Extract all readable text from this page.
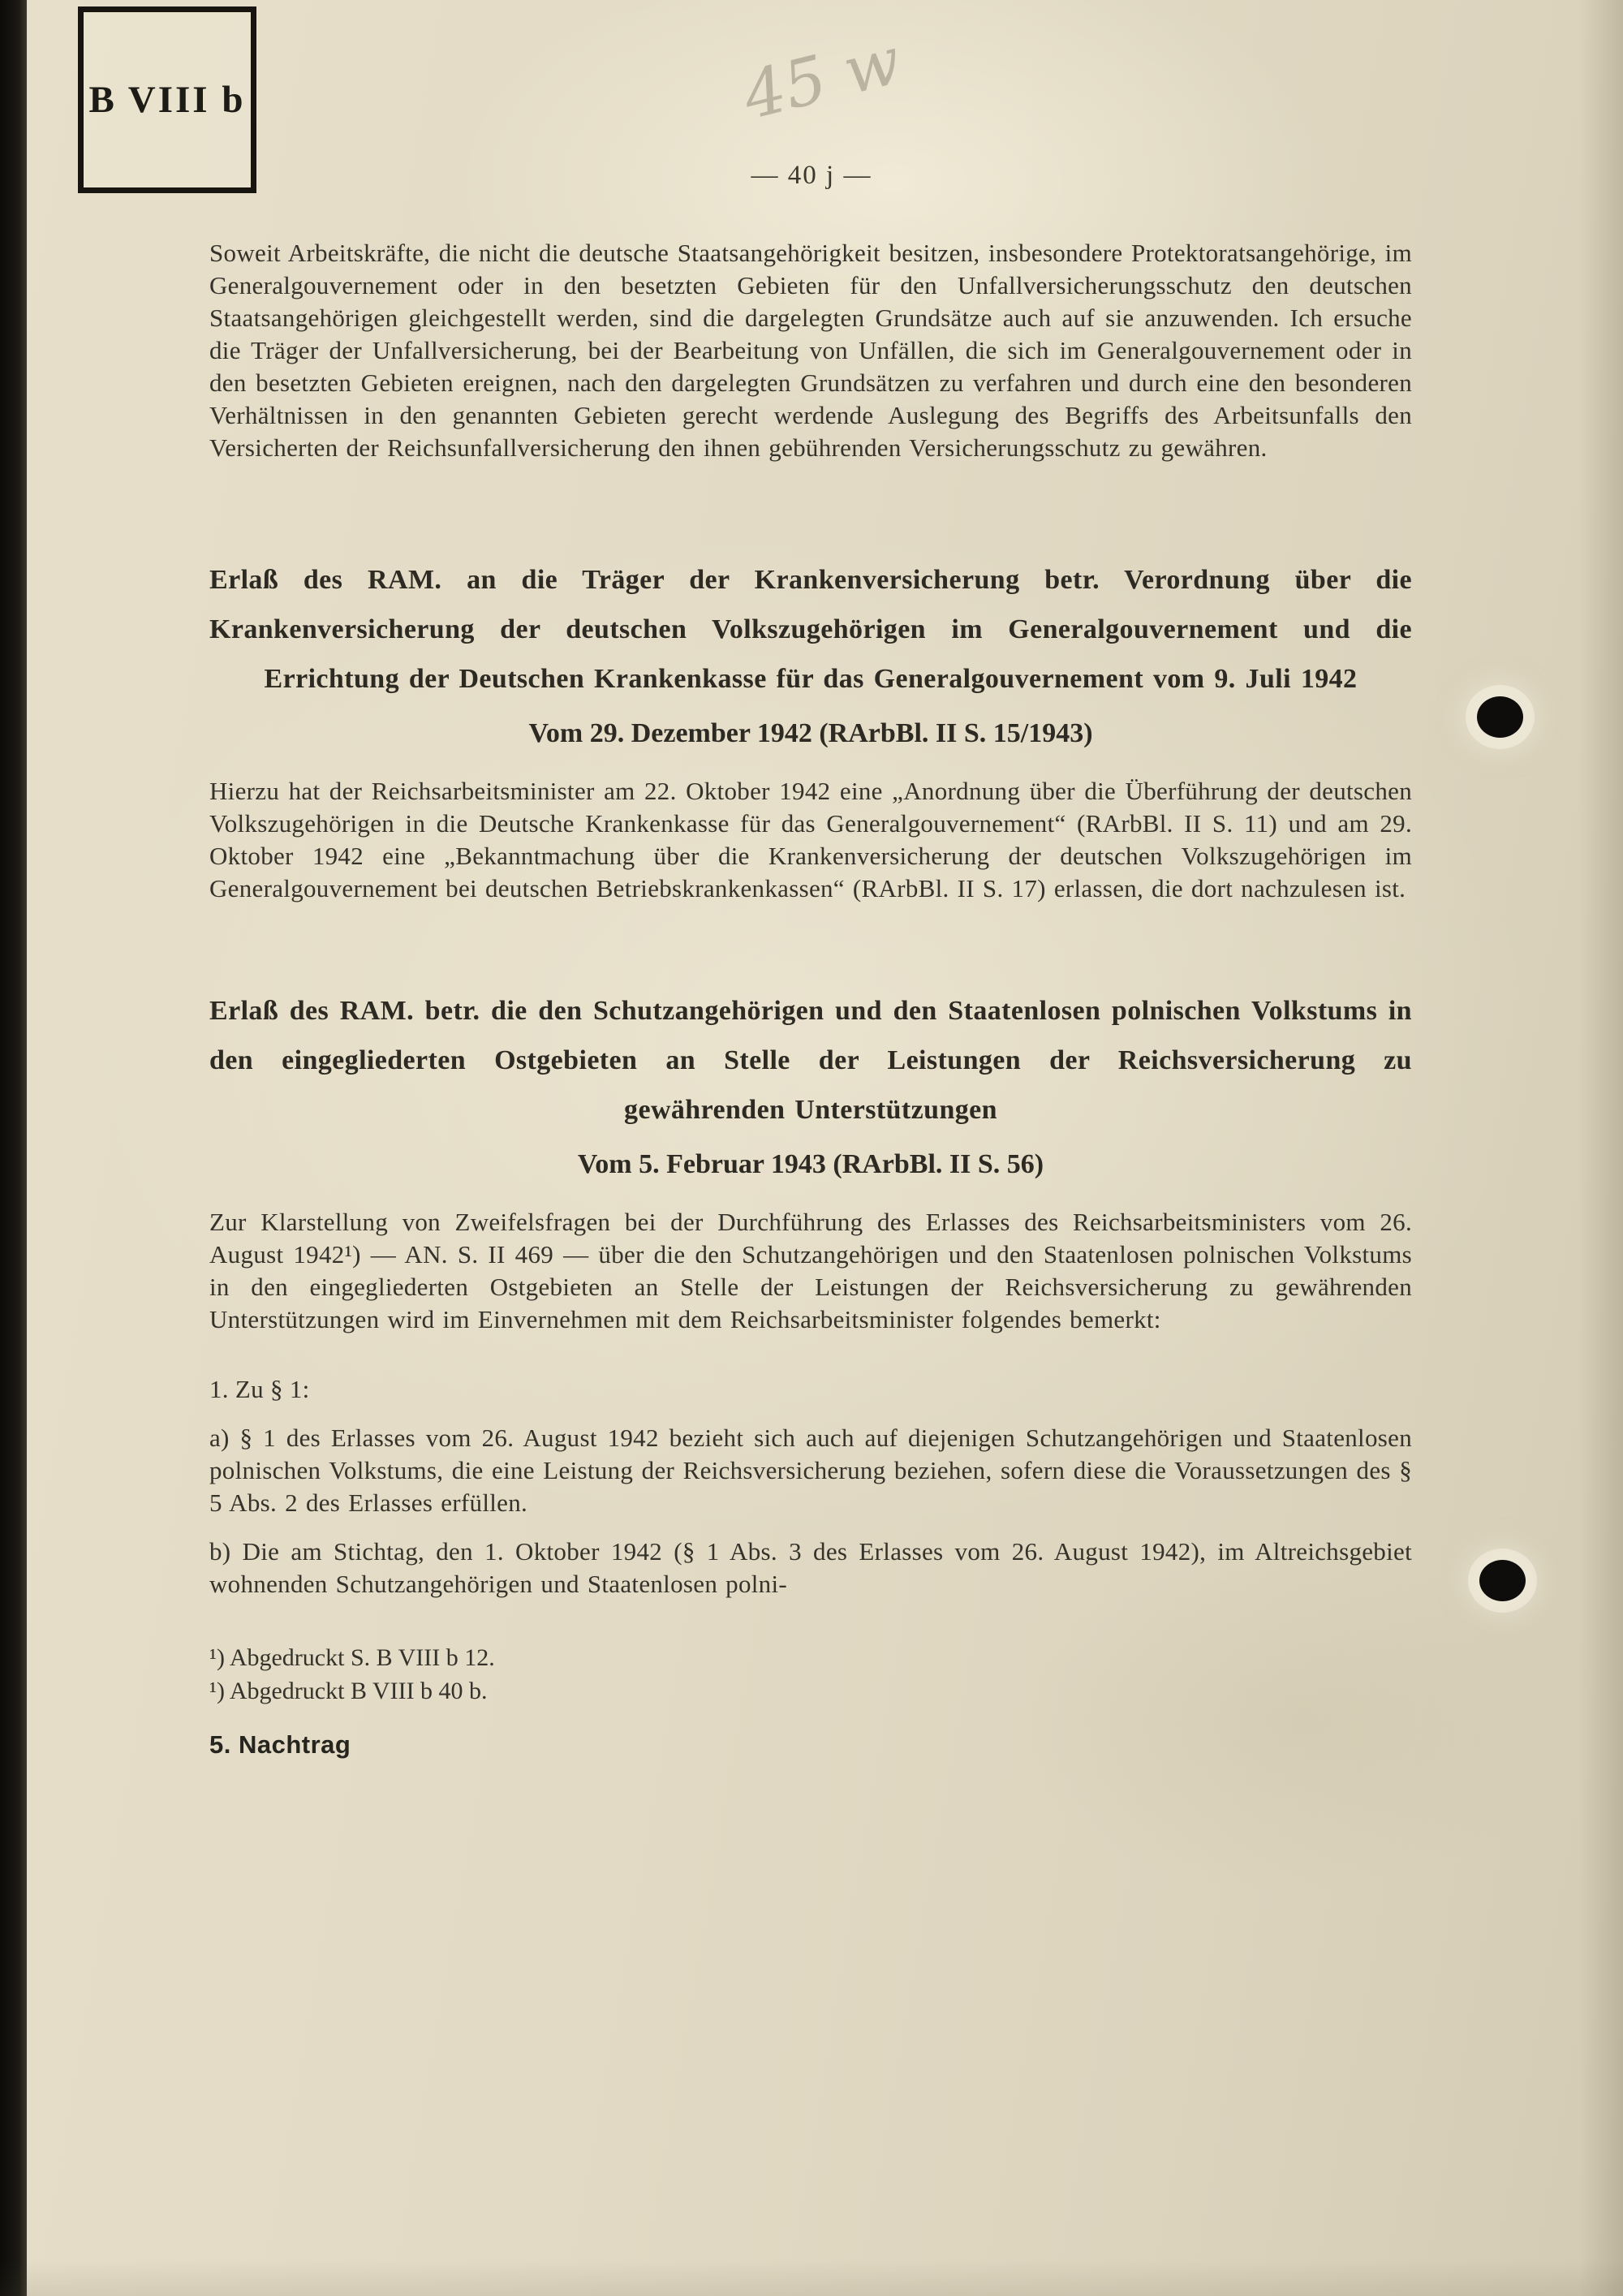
B VIII b	45 w
— 40 j —

Soweit Arbeitskräfte, die nicht die deutsche Staatsangehörigkeit besitzen, insbesondere Protektoratsangehörige, im Generalgouvernement oder in den besetzten Gebieten für den Unfallversicherungsschutz den deutschen Staatsangehörigen gleichgestellt werden, sind die dargelegten Grundsätze auch auf sie anzuwenden. Ich ersuche die Träger der Unfallversicherung, bei der Bearbeitung von Unfällen, die sich im Generalgouvernement oder in den besetzten Gebieten ereignen, nach den dargelegten Grundsätzen zu verfahren und durch eine den besonderen Verhältnissen in den genannten Gebieten gerecht werdende Auslegung des Begriffs des Arbeitsunfalls den Versicherten der Reichsunfallversicherung den ihnen gebührenden Versicherungsschutz zu gewähren.

Erlaß des RAM. an die Träger der Krankenversicherung betr. Verordnung über die Krankenversicherung der deutschen Volkszugehörigen im Generalgouvernement und die Errichtung der Deutschen Krankenkasse für das Generalgouvernement vom 9. Juli 1942
Vom 29. Dezember 1942 (RArbBl. II S. 15/1943)

Hierzu hat der Reichsarbeitsminister am 22. Oktober 1942 eine „Anordnung über die Überführung der deutschen Volkszugehörigen in die Deutsche Krankenkasse für das Generalgouvernement“ (RArbBl. II S. 11) und am 29. Oktober 1942 eine „Bekanntmachung über die Krankenversicherung der deutschen Volkszugehörigen im Generalgouvernement bei deutschen Betriebskrankenkassen“ (RArbBl. II S. 17) erlassen, die dort nachzulesen ist.

Erlaß des RAM. betr. die den Schutzangehörigen und den Staatenlosen polnischen Volkstums in den eingegliederten Ostgebieten an Stelle der Leistungen der Reichsversicherung zu gewährenden Unterstützungen
Vom 5. Februar 1943 (RArbBl. II S. 56)

Zur Klarstellung von Zweifelsfragen bei der Durchführung des Erlasses des Reichsarbeitsministers vom 26. August 1942¹) — AN. S. II 469 — über die den Schutzangehörigen und den Staatenlosen polnischen Volkstums in den eingegliederten Ostgebieten an Stelle der Leistungen der Reichsversicherung zu gewährenden Unterstützungen wird im Einvernehmen mit dem Reichsarbeitsminister folgendes bemerkt:

1. Zu § 1:

a) § 1 des Erlasses vom 26. August 1942 bezieht sich auch auf diejenigen Schutzangehörigen und Staatenlosen polnischen Volkstums, die eine Leistung der Reichsversicherung beziehen, sofern diese die Voraussetzungen des § 5 Abs. 2 des Erlasses erfüllen.

b) Die am Stichtag, den 1. Oktober 1942 (§ 1 Abs. 3 des Erlasses vom 26. August 1942), im Altreichsgebiet wohnenden Schutzangehörigen und Staatenlosen polni-

¹) Abgedruckt S. B VIII b 12.

¹) Abgedruckt B VIII b 40 b.

5. Nachtrag
